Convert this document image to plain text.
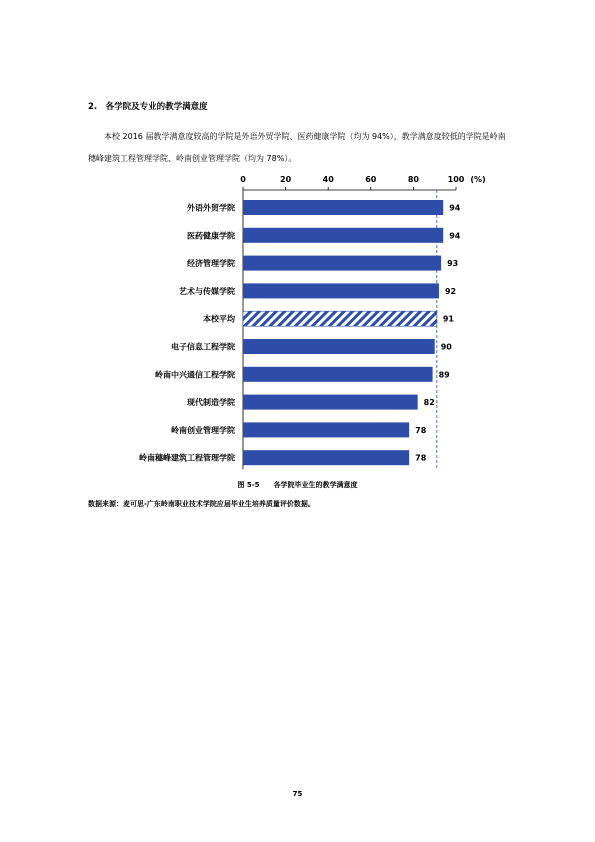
2.　各学院及专业的教学满意度
本校 2016 届教学满意度较高的学院是外语外贸学院、医药健康学院（均为 94%），教学满意度较低的学院是岭南穗峰建筑工程管理学院、岭南创业管理学院（均为 78%）。
0	20	40	60	80	100 (%)
外语外贸学院	94
医药健康学院	94
经济管理学院	93
艺术与传媒学院	92
本校平均	91
电子信息工程学院	90
岭南中兴通信工程学院	89
现代制造学院	82
岭南创业管理学院	78
岭南穗峰建筑工程管理学院	78
图 5-5　　各学院毕业生的教学满意度
数据来源：麦可思-广东岭南职业技术学院应届毕业生培养质量评价数据。
75
